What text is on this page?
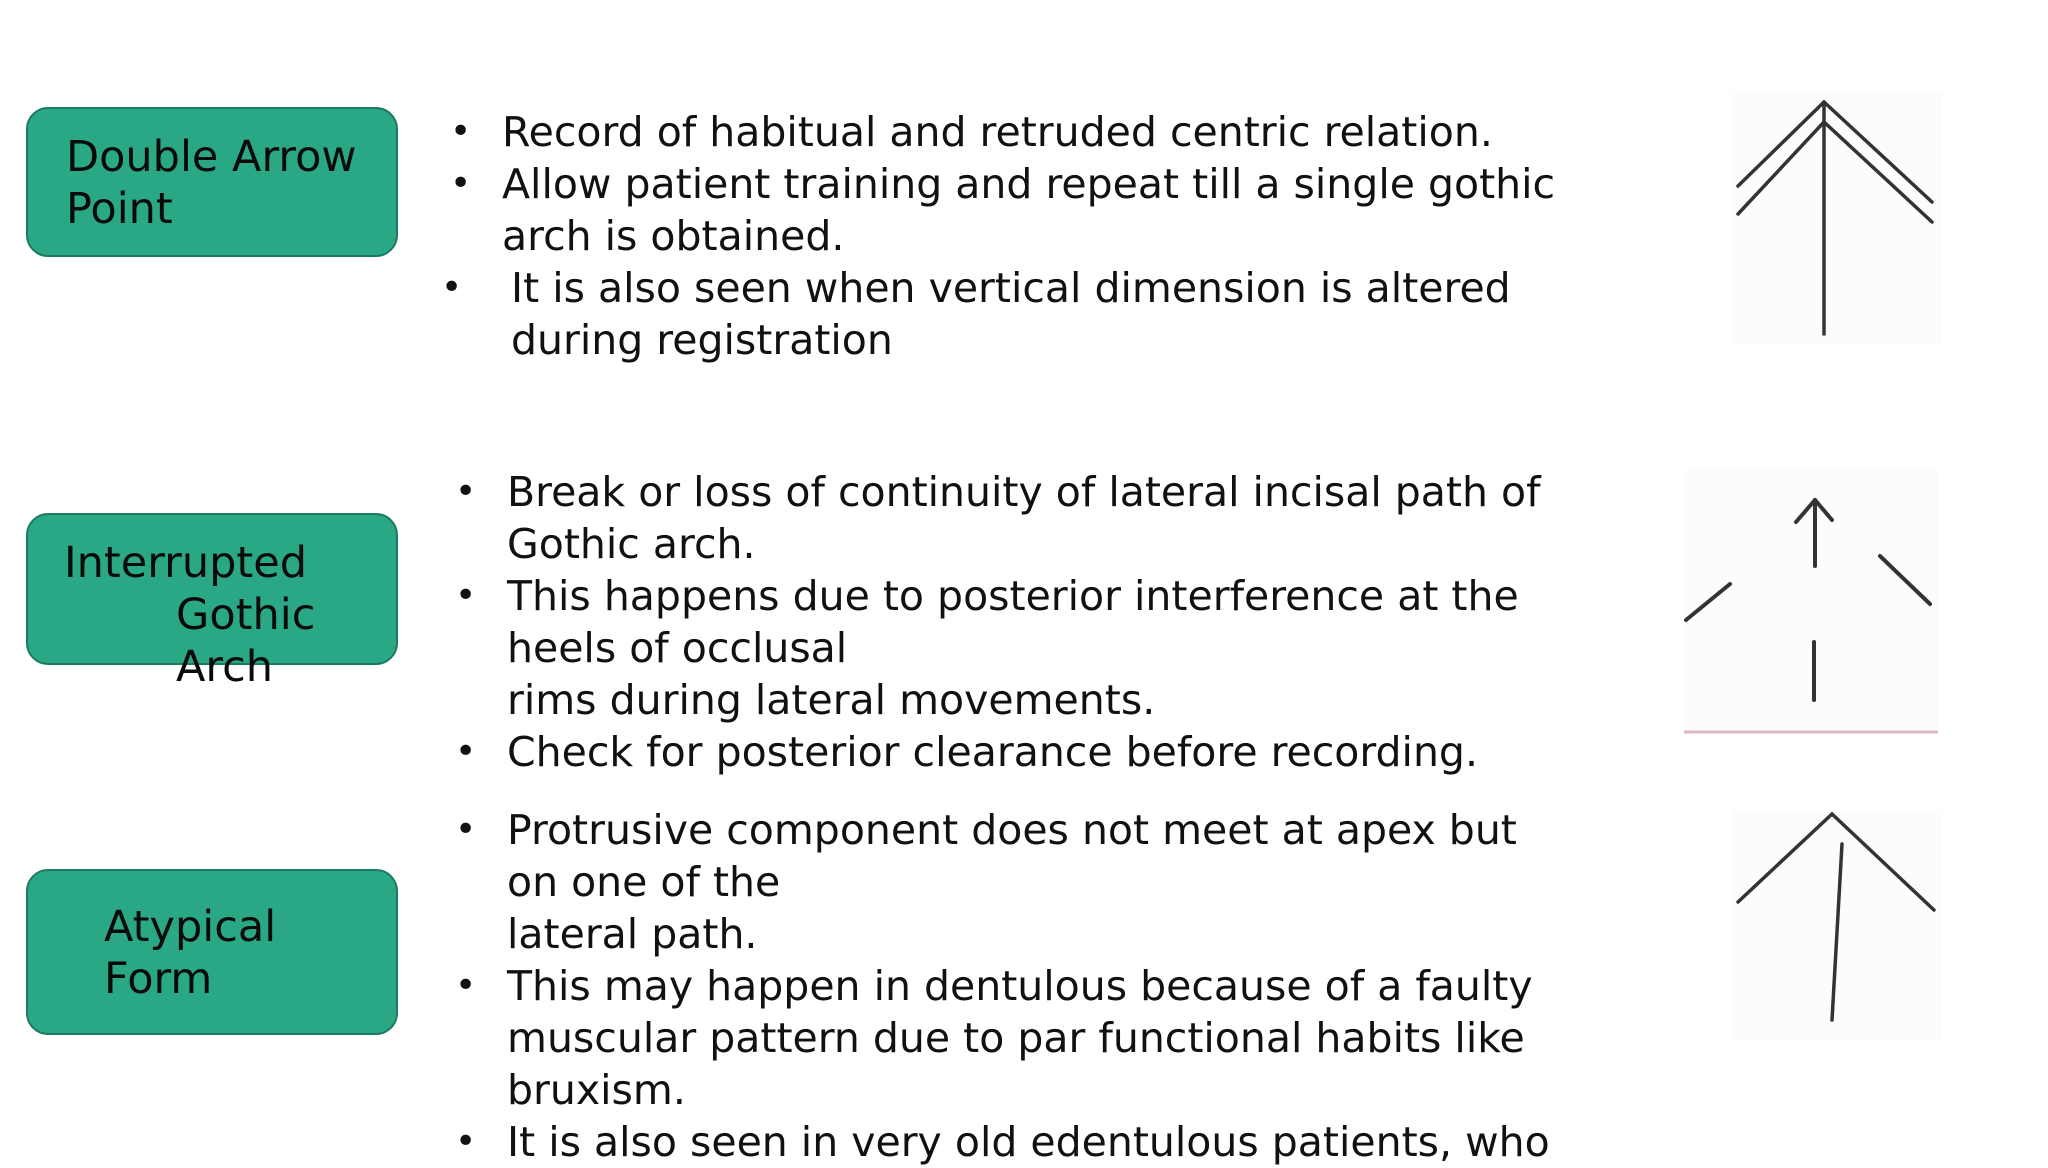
Double Arrow
Point
• Record of habitual and retruded centric relation.
• Allow patient training and repeat till a single gothic
arch is obtained.
• It is also seen when vertical dimension is altered
during registration
Interrupted
Gothic
Arch
• Break or loss of continuity of lateral incisal path of
Gothic arch.
• This happens due to posterior interference at the
heels of occlusal
rims during lateral movements.
• Check for posterior clearance before recording.
Atypical
Form
• Protrusive component does not meet at apex but
on one of the
lateral path.
• This may happen in dentulous because of a faulty
muscular pattern due to par functional habits like
bruxism.
• It is also seen in very old edentulous patients, who
